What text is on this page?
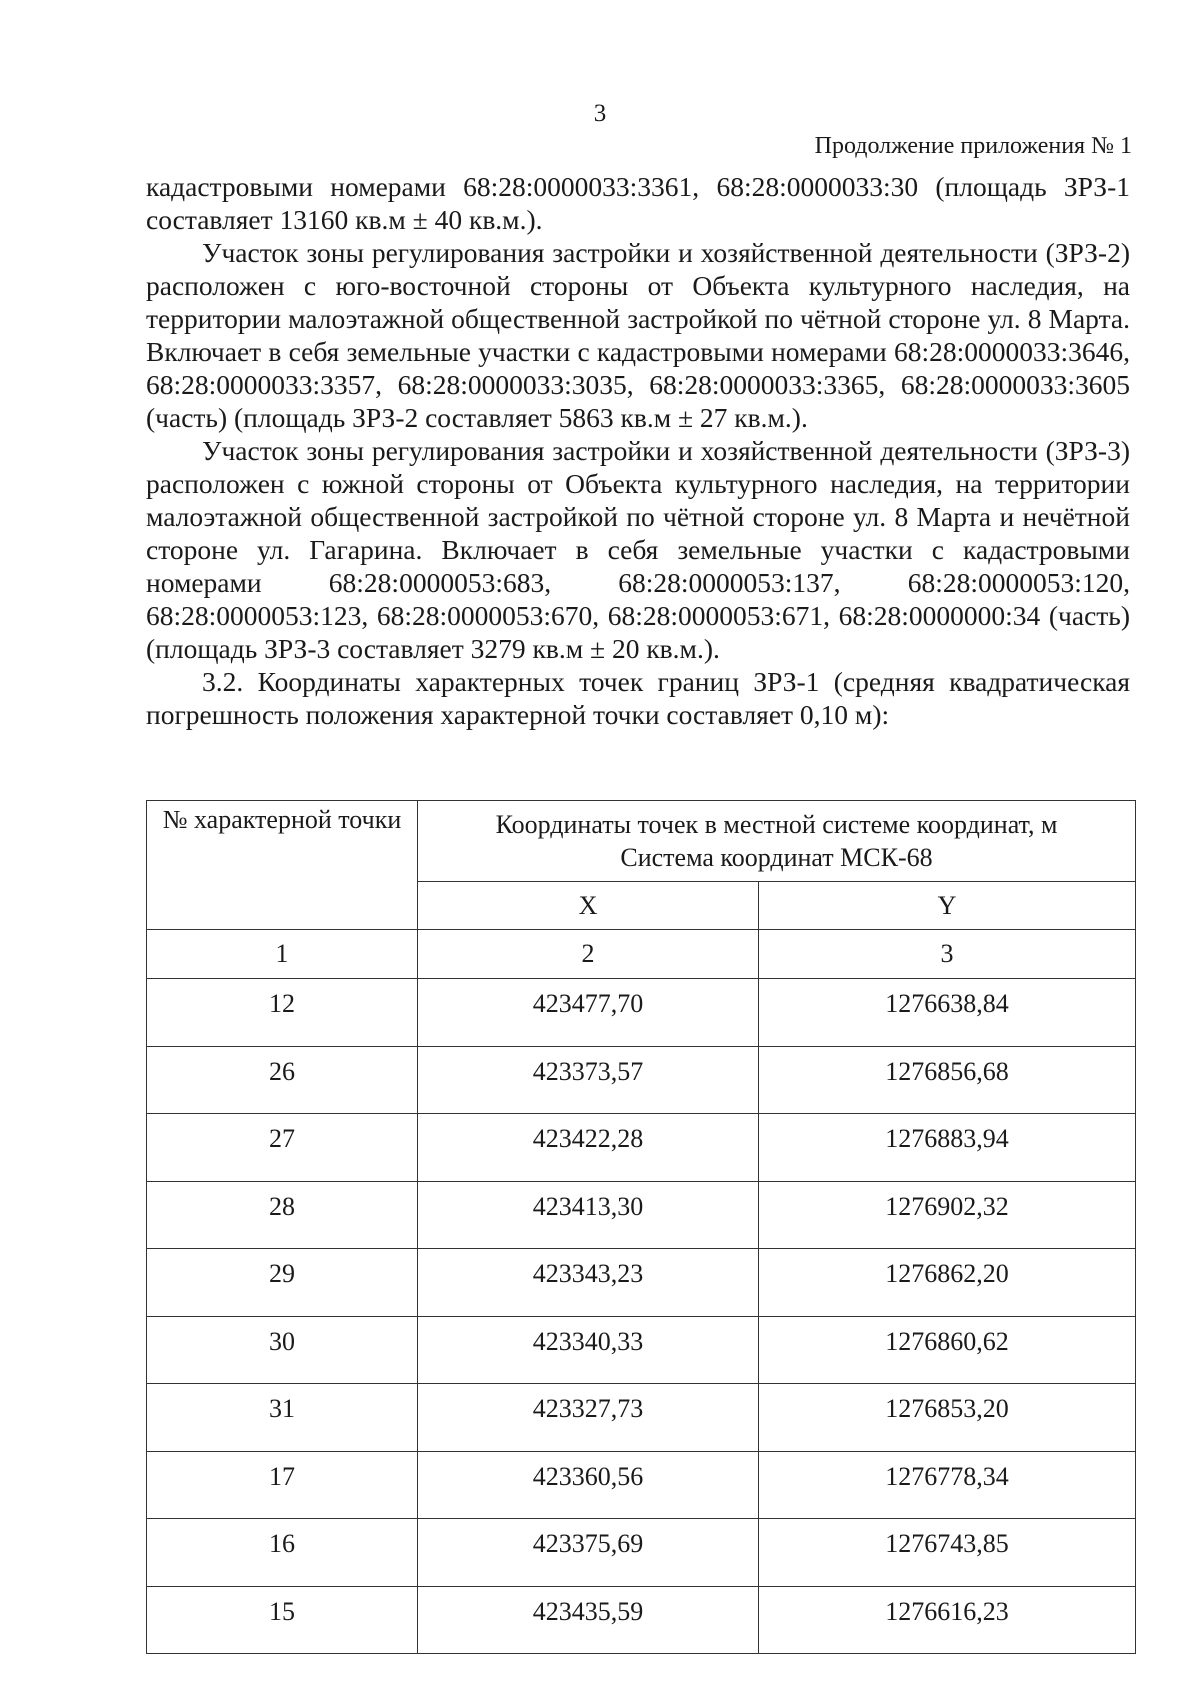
3
Продолжение приложения № 1

кадастровыми номерами 68:28:0000033:3361, 68:28:0000033:30 (площадь ЗРЗ-1 составляет 13160 кв.м ± 40 кв.м.).

Участок зоны регулирования застройки и хозяйственной деятельности (ЗРЗ-2) расположен с юго-восточной стороны от Объекта культурного наследия, на территории малоэтажной общественной застройкой по чётной стороне ул. 8 Марта. Включает в себя земельные участки с кадастровыми номерами 68:28:0000033:3646, 68:28:0000033:3357, 68:28:0000033:3035, 68:28:0000033:3365, 68:28:0000033:3605 (часть) (площадь ЗРЗ-2 составляет 5863 кв.м ± 27 кв.м.).

Участок зоны регулирования застройки и хозяйственной деятельности (ЗРЗ-3) расположен с южной стороны от Объекта культурного наследия, на территории малоэтажной общественной застройкой по чётной стороне ул. 8 Марта и нечётной стороне ул. Гагарина. Включает в себя земельные участки с кадастровыми номерами 68:28:0000053:683, 68:28:0000053:137, 68:28:0000053:120, 68:28:0000053:123, 68:28:0000053:670, 68:28:0000053:671, 68:28:0000000:34 (часть) (площадь ЗРЗ-3 составляет 3279 кв.м ± 20 кв.м.).

3.2. Координаты характерных точек границ ЗРЗ-1 (средняя квадратическая погрешность положения характерной точки составляет 0,10 м):

№ характерной точки	Координаты точек в местной системе координат, м
Система координат МСК-68	

	X	Y
1	2	3
12	423477,70	1276638,84
26	423373,57	1276856,68
27	423422,28	1276883,94
28	423413,30	1276902,32
29	423343,23	1276862,20
30	423340,33	1276860,62
31	423327,73	1276853,20
17	423360,56	1276778,34
16	423375,69	1276743,85
15	423435,59	1276616,23
